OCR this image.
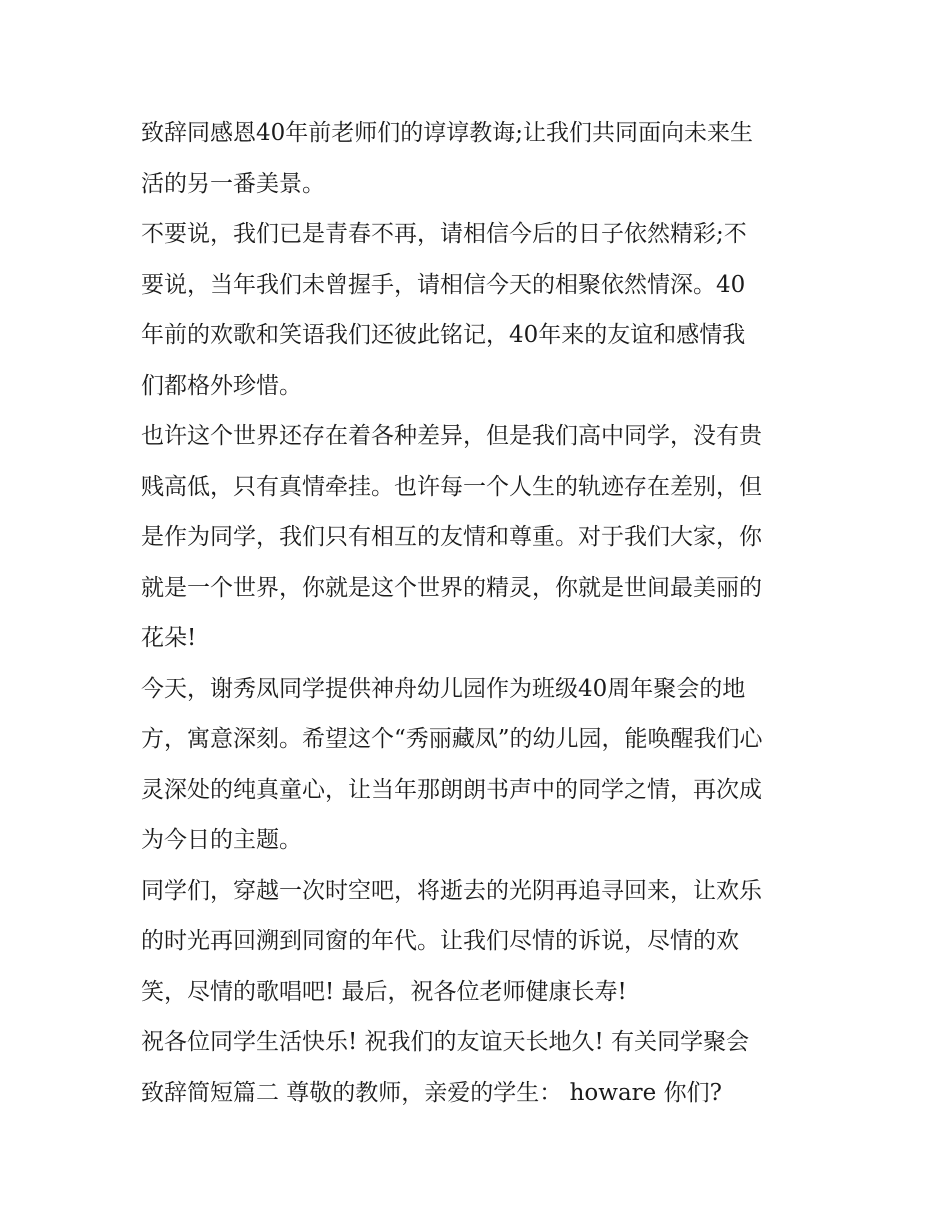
致辞同感恩40年前老师们的谆谆教诲;让我们共同面向未来生
活的另一番美景。
不要说，我们已是青春不再，请相信今后的日子依然精彩;不
要说，当年我们未曾握手，请相信今天的相聚依然情深。40
年前的欢歌和笑语我们还彼此铭记，40年来的友谊和感情我
们都格外珍惜。
也许这个世界还存在着各种差异，但是我们高中同学，没有贵
贱高低，只有真情牵挂。也许每一个人生的轨迹存在差别，但
是作为同学，我们只有相互的友情和尊重。对于我们大家，你
就是一个世界，你就是这个世界的精灵，你就是世间最美丽的
花朵!
今天，谢秀凤同学提供神舟幼儿园作为班级40周年聚会的地
方，寓意深刻。希望这个“秀丽藏凤”的幼儿园，能唤醒我们心
灵深处的纯真童心，让当年那朗朗书声中的同学之情，再次成
为今日的主题。
同学们，穿越一次时空吧，将逝去的光阴再追寻回来，让欢乐
的时光再回溯到同窗的年代。让我们尽情的诉说，尽情的欢
笑，尽情的歌唱吧! 最后，祝各位老师健康长寿!
祝各位同学生活快乐! 祝我们的友谊天长地久! 有关同学聚会
致辞简短篇二 尊敬的教师，亲爱的学生： howare 你们?
